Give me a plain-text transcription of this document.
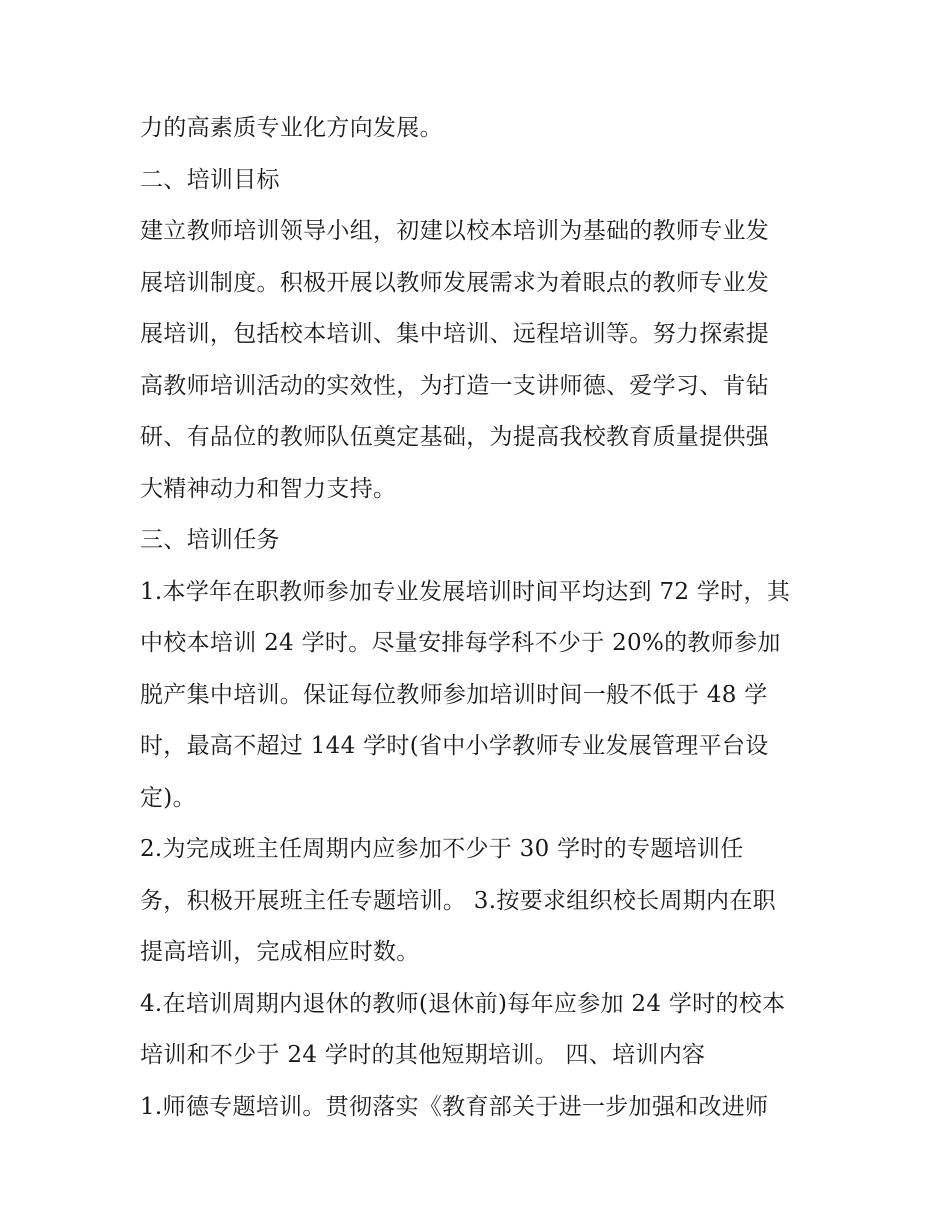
力的高素质专业化方向发展。
二、培训目标
建立教师培训领导小组，初建以校本培训为基础的教师专业发
展培训制度。积极开展以教师发展需求为着眼点的教师专业发
展培训，包括校本培训、集中培训、远程培训等。努力探索提
高教师培训活动的实效性，为打造一支讲师德、爱学习、肯钻
研、有品位的教师队伍奠定基础，为提高我校教育质量提供强
大精神动力和智力支持。
三、培训任务
1.本学年在职教师参加专业发展培训时间平均达到 72 学时，其
中校本培训 24 学时。尽量安排每学科不少于 20%的教师参加
脱产集中培训。保证每位教师参加培训时间一般不低于 48 学
时，最高不超过 144 学时(省中小学教师专业发展管理平台设
定)。
2.为完成班主任周期内应参加不少于 30 学时的专题培训任
务，积极开展班主任专题培训。 3.按要求组织校长周期内在职
提高培训，完成相应时数。
4.在培训周期内退休的教师(退休前)每年应参加 24 学时的校本
培训和不少于 24 学时的其他短期培训。 四、培训内容
1.师德专题培训。贯彻落实《教育部关于进一步加强和改进师
